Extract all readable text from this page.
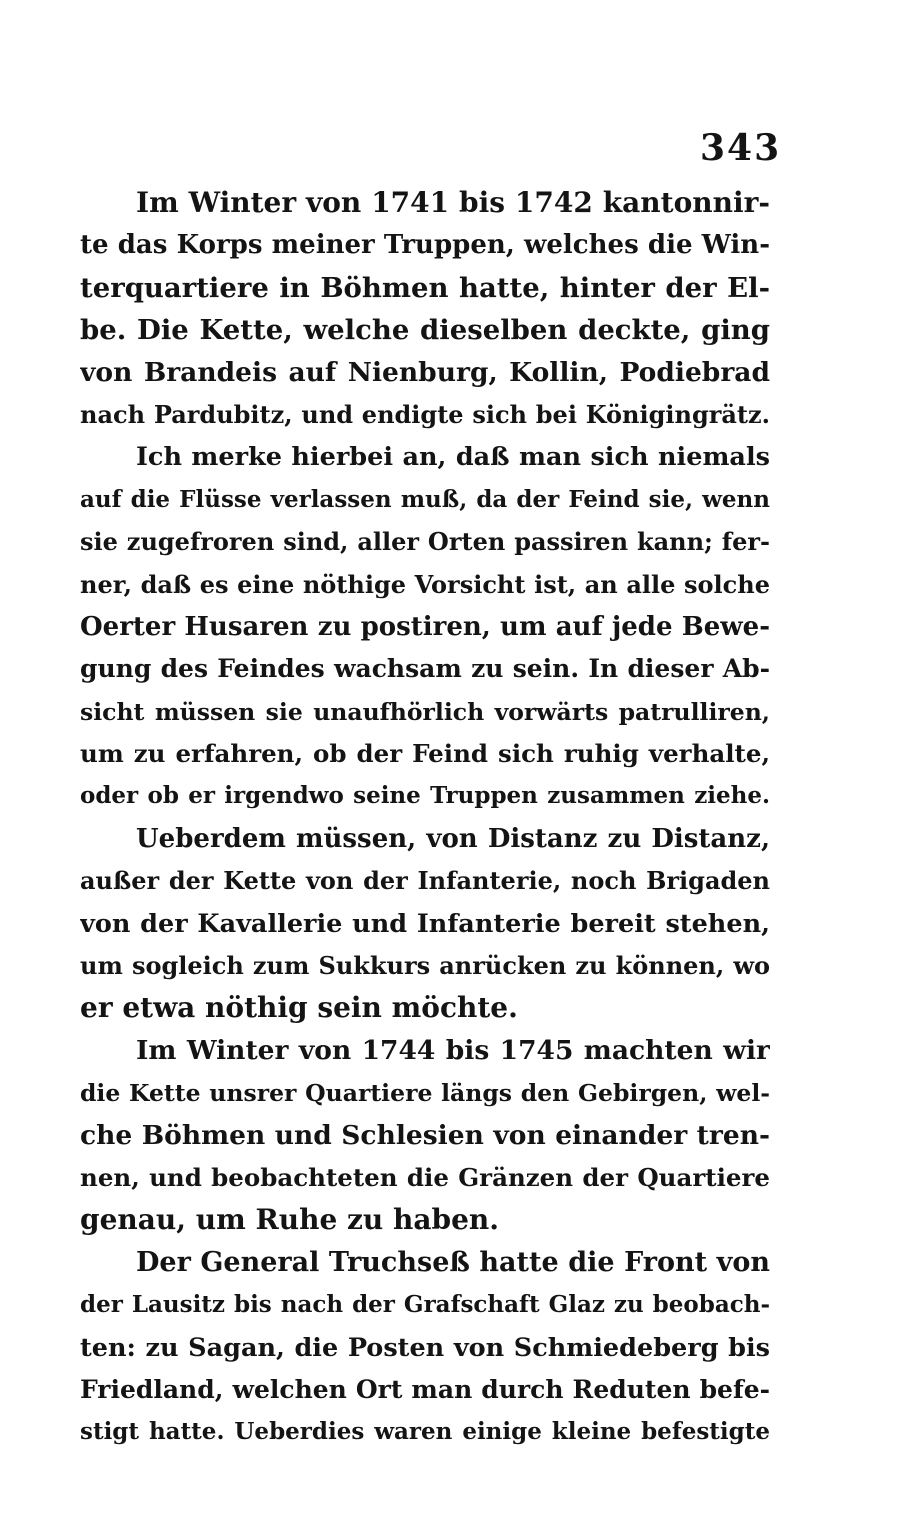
343
Im Winter von 1741 bis 1742 kantonnir-
te das Korps meiner Truppen, welches die Win-
terquartiere in Böhmen hatte, hinter der El-
be. Die Kette, welche dieselben deckte, ging
von Brandeis auf Nienburg, Kollin, Podiebrad
nach Pardubitz, und endigte sich bei Königingrätz.
Ich merke hierbei an, daß man sich niemals
auf die Flüsse verlassen muß, da der Feind sie, wenn
sie zugefroren sind, aller Orten passiren kann; fer-
ner, daß es eine nöthige Vorsicht ist, an alle solche
Oerter Husaren zu postiren, um auf jede Bewe-
gung des Feindes wachsam zu sein. In dieser Ab-
sicht müssen sie unaufhörlich vorwärts patrulliren,
um zu erfahren, ob der Feind sich ruhig verhalte,
oder ob er irgendwo seine Truppen zusammen ziehe.
Ueberdem müssen, von Distanz zu Distanz,
außer der Kette von der Infanterie, noch Brigaden
von der Kavallerie und Infanterie bereit stehen,
um sogleich zum Sukkurs anrücken zu können, wo
er etwa nöthig sein möchte.
Im Winter von 1744 bis 1745 machten wir
die Kette unsrer Quartiere längs den Gebirgen, wel-
che Böhmen und Schlesien von einander tren-
nen, und beobachteten die Gränzen der Quartiere
genau, um Ruhe zu haben.
Der General Truchseß hatte die Front von
der Lausitz bis nach der Grafschaft Glaz zu beobach-
ten: zu Sagan, die Posten von Schmiedeberg bis
Friedland, welchen Ort man durch Reduten befe-
stigt hatte. Ueberdies waren einige kleine befestigte
